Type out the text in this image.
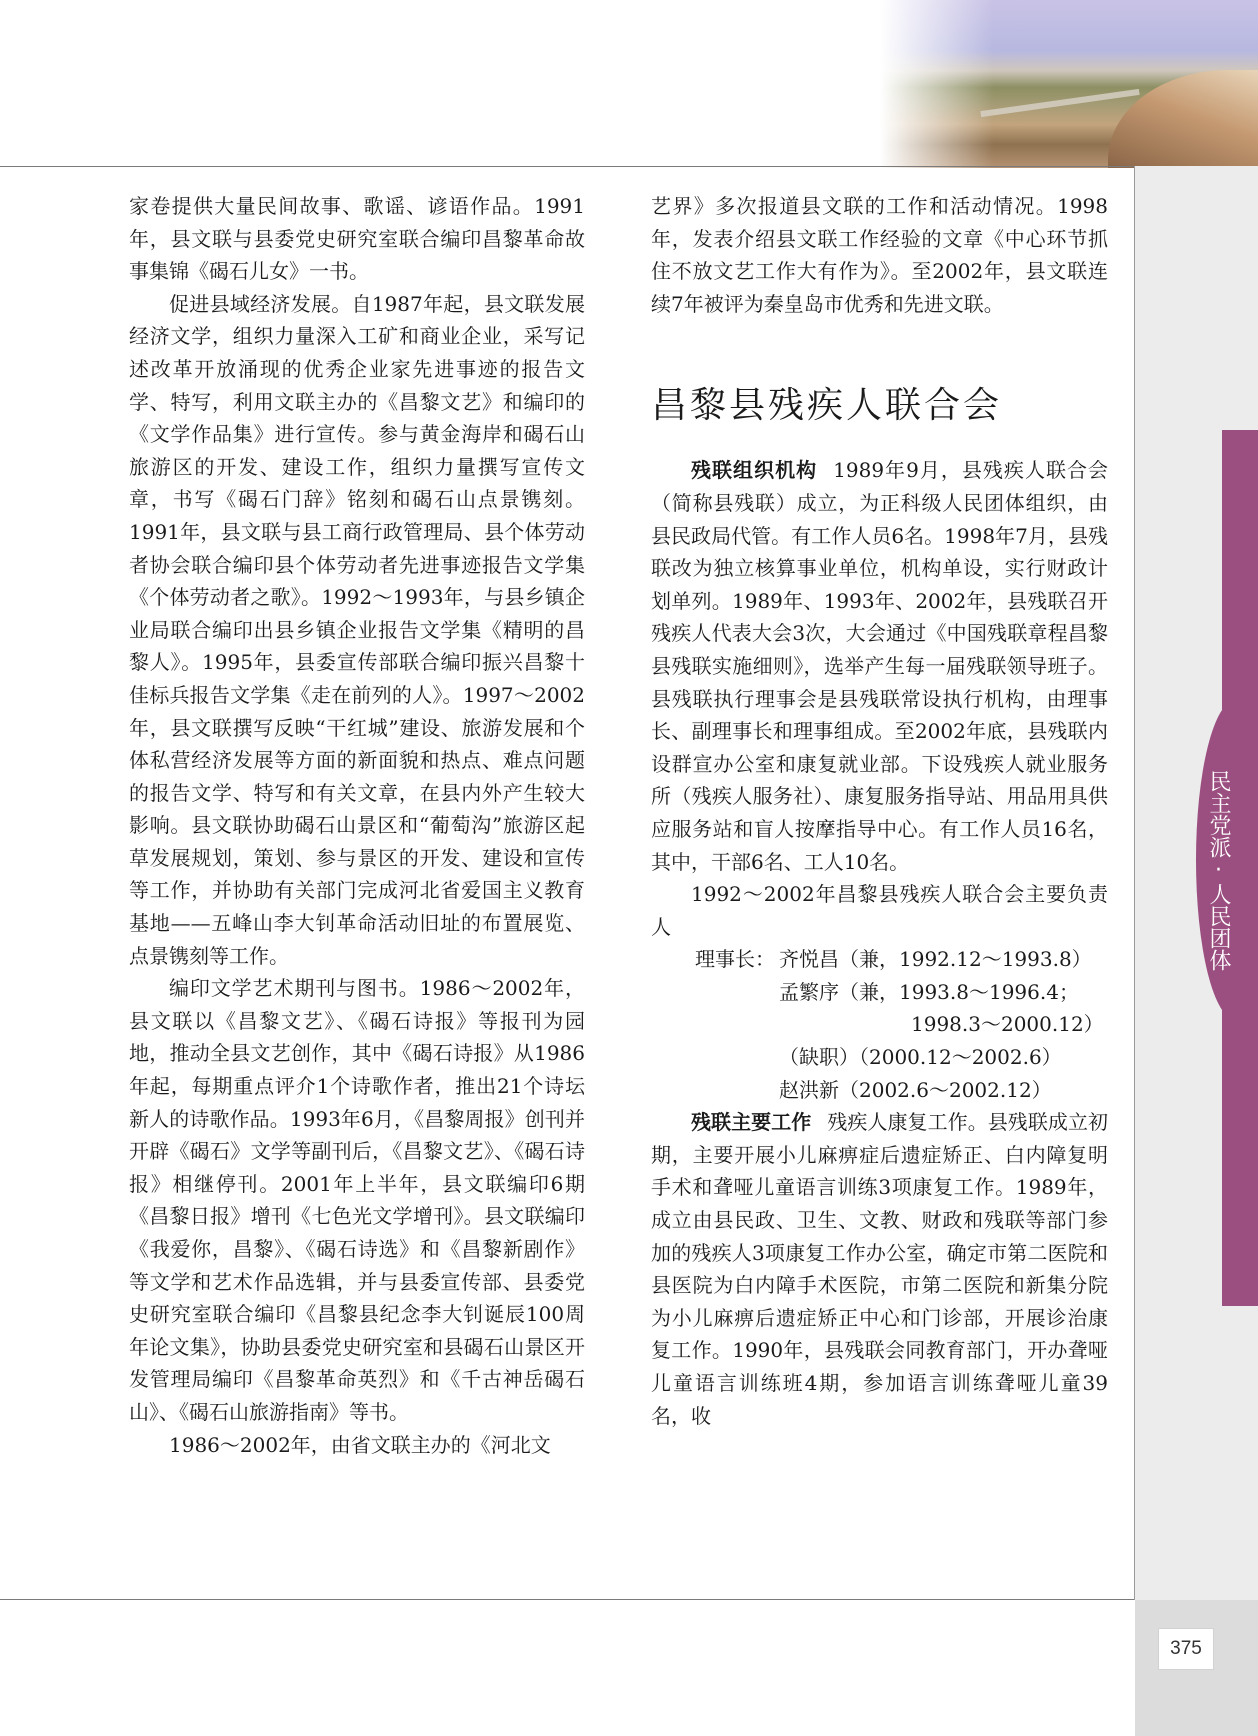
民主党派·人民团体
375

家卷提供大量民间故事、歌谣、谚语作品。1991年，县文联与县委党史研究室联合编印昌黎革命故事集锦《碣石儿女》一书。

促进县域经济发展。自1987年起，县文联发展经济文学，组织力量深入工矿和商业企业，采写记述改革开放涌现的优秀企业家先进事迹的报告文学、特写，利用文联主办的《昌黎文艺》和编印的《文学作品集》进行宣传。参与黄金海岸和碣石山旅游区的开发、建设工作，组织力量撰写宣传文章，书写《碣石门辞》铭刻和碣石山点景镌刻。1991年，县文联与县工商行政管理局、县个体劳动者协会联合编印县个体劳动者先进事迹报告文学集《个体劳动者之歌》。1992～1993年，与县乡镇企业局联合编印出县乡镇企业报告文学集《精明的昌黎人》。1995年，县委宣传部联合编印振兴昌黎十佳标兵报告文学集《走在前列的人》。1997～2002年，县文联撰写反映“干红城”建设、旅游发展和个体私营经济发展等方面的新面貌和热点、难点问题的报告文学、特写和有关文章，在县内外产生较大影响。县文联协助碣石山景区和“葡萄沟”旅游区起草发展规划，策划、参与景区的开发、建设和宣传等工作，并协助有关部门完成河北省爱国主义教育基地——五峰山李大钊革命活动旧址的布置展览、点景镌刻等工作。

编印文学艺术期刊与图书。1986～2002年，县文联以《昌黎文艺》、《碣石诗报》等报刊为园地，推动全县文艺创作，其中《碣石诗报》从1986年起，每期重点评介1个诗歌作者，推出21个诗坛新人的诗歌作品。1993年6月，《昌黎周报》创刊并开辟《碣石》文学等副刊后，《昌黎文艺》、《碣石诗报》相继停刊。2001年上半年，县文联编印6期《昌黎日报》增刊《七色光文学增刊》。县文联编印《我爱你，昌黎》、《碣石诗选》和《昌黎新剧作》等文学和艺术作品选辑，并与县委宣传部、县委党史研究室联合编印《昌黎县纪念李大钊诞辰100周年论文集》，协助县委党史研究室和县碣石山景区开发管理局编印《昌黎革命英烈》和《千古神岳碣石山》、《碣石山旅游指南》等书。

1986～2002年，由省文联主办的《河北文

艺界》多次报道县文联的工作和活动情况。1998年，发表介绍县文联工作经验的文章《中心环节抓住不放文艺工作大有作为》。至2002年，县文联连续7年被评为秦皇岛市优秀和先进文联。

昌黎县残疾人联合会

残联组织机构 1989年9月，县残疾人联合会（简称县残联）成立，为正科级人民团体组织，由县民政局代管。有工作人员6名。1998年7月，县残联改为独立核算事业单位，机构单设，实行财政计划单列。1989年、1993年、2002年，县残联召开残疾人代表大会3次，大会通过《中国残联章程昌黎县残联实施细则》，选举产生每一届残联领导班子。县残联执行理事会是县残联常设执行机构，由理事长、副理事长和理事组成。至2002年底，县残联内设群宣办公室和康复就业部。下设残疾人就业服务所（残疾人服务社）、康复服务指导站、用品用具供应服务站和盲人按摩指导中心。有工作人员16名，其中，干部6名、工人10名。

1992～2002年昌黎县残疾人联合会主要负责人

理事长： 齐悦昌（兼，1992.12～1993.8）
孟繁序（兼，1993.8～1996.4；
1998.3～2000.12）
（缺职）（2000.12～2002.6）
赵洪新（2002.6～2002.12）

残联主要工作 残疾人康复工作。县残联成立初期，主要开展小儿麻痹症后遗症矫正、白内障复明手术和聋哑儿童语言训练3项康复工作。1989年，成立由县民政、卫生、文教、财政和残联等部门参加的残疾人3项康复工作办公室，确定市第二医院和县医院为白内障手术医院，市第二医院和新集分院为小儿麻痹后遗症矫正中心和门诊部，开展诊治康复工作。1990年，县残联会同教育部门，开办聋哑儿童语言训练班4期，参加语言训练聋哑儿童39名，收
